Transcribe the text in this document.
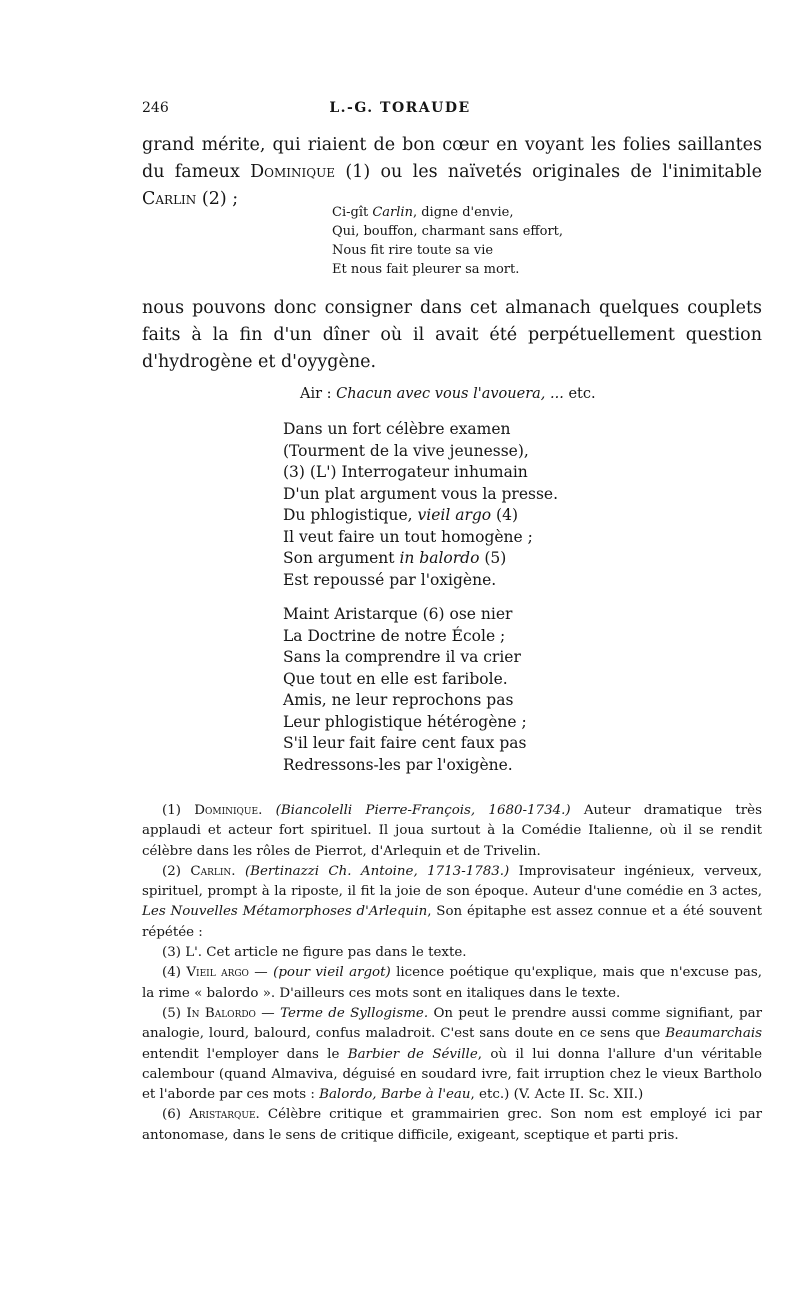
246	L.-G. TORAUDE

grand mérite, qui riaient de bon cœur en voyant les folies saillantes du fameux Dominique (1) ou les naïvetés originales de l'inimitable Carlin (2) ;

Ci-gît Carlin, digne d'envie,
Qui, bouffon, charmant sans effort,
Nous fit rire toute sa vie
Et nous fait pleurer sa mort.

nous pouvons donc consigner dans cet almanach quelques couplets faits à la fin d'un dîner où il avait été perpétuellement question d'hydrogène et d'oyygène.

Air : Chacun avec vous l'avouera, ... etc.
Dans un fort célèbre examen
(Tourment de la vive jeunesse),
(3) (L') Interrogateur inhumain
D'un plat argument vous la presse.
Du phlogistique, vieil argo (4)
Il veut faire un tout homogène ;
Son argument in balordo (5)
Est repoussé par l'oxigène.
Maint Aristarque (6) ose nier
La Doctrine de notre École ;
Sans la comprendre il va crier
Que tout en elle est faribole.
Amis, ne leur reprochons pas
Leur phlogistique hétérogène ;
S'il leur fait faire cent faux pas
Redressons-les par l'oxigène.

(1) Dominique. (Biancolelli Pierre-François, 1680-1734.) Auteur dramatique très applaudi et acteur fort spirituel. Il joua surtout à la Comédie Italienne, où il se rendit célèbre dans les rôles de Pierrot, d'Arlequin et de Trivelin.

(2) Carlin. (Bertinazzi Ch. Antoine, 1713-1783.) Improvisateur ingénieux, verveux, spirituel, prompt à la riposte, il fit la joie de son époque. Auteur d'une comédie en 3 actes, Les Nouvelles Métamorphoses d'Arlequin, Son épitaphe est assez connue et a été souvent répétée :

(3) L'. Cet article ne figure pas dans le texte.

(4) Vieil argo — (pour vieil argot) licence poétique qu'explique, mais que n'excuse pas, la rime « balordo ». D'ailleurs ces mots sont en italiques dans le texte.

(5) In Balordo — Terme de Syllogisme. On peut le prendre aussi comme signifiant, par analogie, lourd, balourd, confus maladroit. C'est sans doute en ce sens que Beaumarchais entendit l'employer dans le Barbier de Séville, où il lui donna l'allure d'un véritable calembour (quand Almaviva, déguisé en soudard ivre, fait irruption chez le vieux Bartholo et l'aborde par ces mots : Balordo, Barbe à l'eau, etc.) (V. Acte II. Sc. XII.)

(6) Aristarque. Célèbre critique et grammairien grec. Son nom est employé ici par antonomase, dans le sens de critique difficile, exigeant, sceptique et parti pris.
